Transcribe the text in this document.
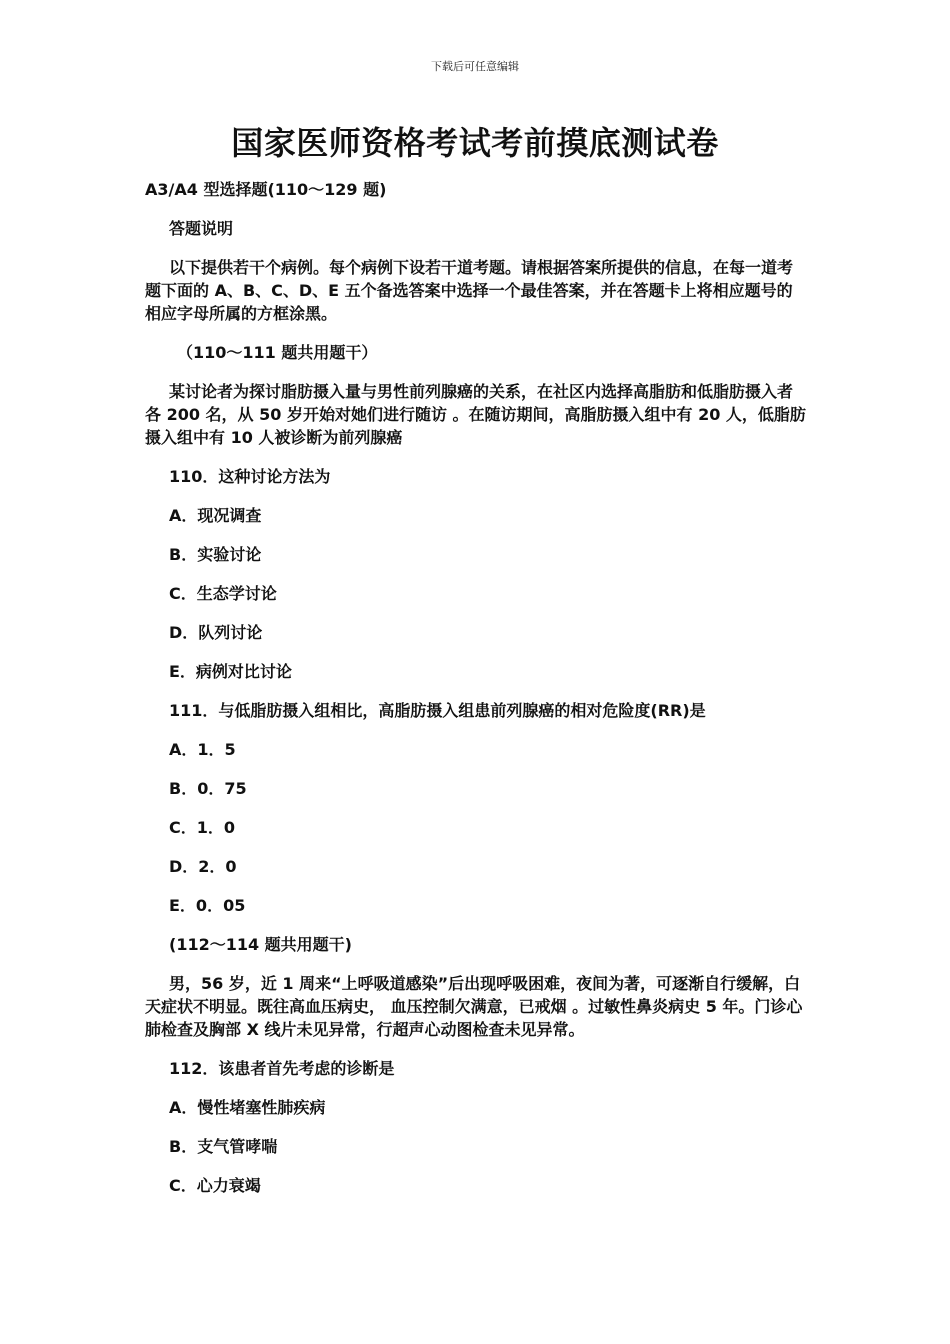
下载后可任意编辑
国家医师资格考试考前摸底测试卷

A3/A4 型选择题(110～129 题)

答题说明

以下提供若干个病例。每个病例下设若干道考题。请根据答案所提供的信息，在每一道考题下面的 A、B、C、D、E 五个备选答案中选择一个最佳答案，并在答题卡上将相应题号的相应字母所属的方框涂黑。

（110～111 题共用题干）

某讨论者为探讨脂肪摄入量与男性前列腺癌的关系，在社区内选择高脂肪和低脂肪摄入者各 200 名，从 50 岁开始对她们进行随访 。在随访期间，高脂肪摄入组中有 20 人，低脂肪摄入组中有 10 人被诊断为前列腺癌

110．这种讨论方法为

A．现况调查

B．实验讨论

C．生态学讨论

D．队列讨论

E．病例对比讨论

111．与低脂肪摄入组相比，高脂肪摄入组患前列腺癌的相对危险度(RR)是

A．1．5

B．0．75

C．1．0

D．2．0

E．0．05

(112～114 题共用题干)

男，56 岁，近 1 周来“上呼吸道感染”后出现呼吸困难，夜间为著，可逐渐自行缓解，白天症状不明显。既往高血压病史， 血压控制欠满意，已戒烟 。过敏性鼻炎病史 5 年。门诊心肺检查及胸部 X 线片未见异常，行超声心动图检查未见异常。

112．该患者首先考虑的诊断是

A．慢性堵塞性肺疾病

B．支气管哮喘

C．心力衰竭
